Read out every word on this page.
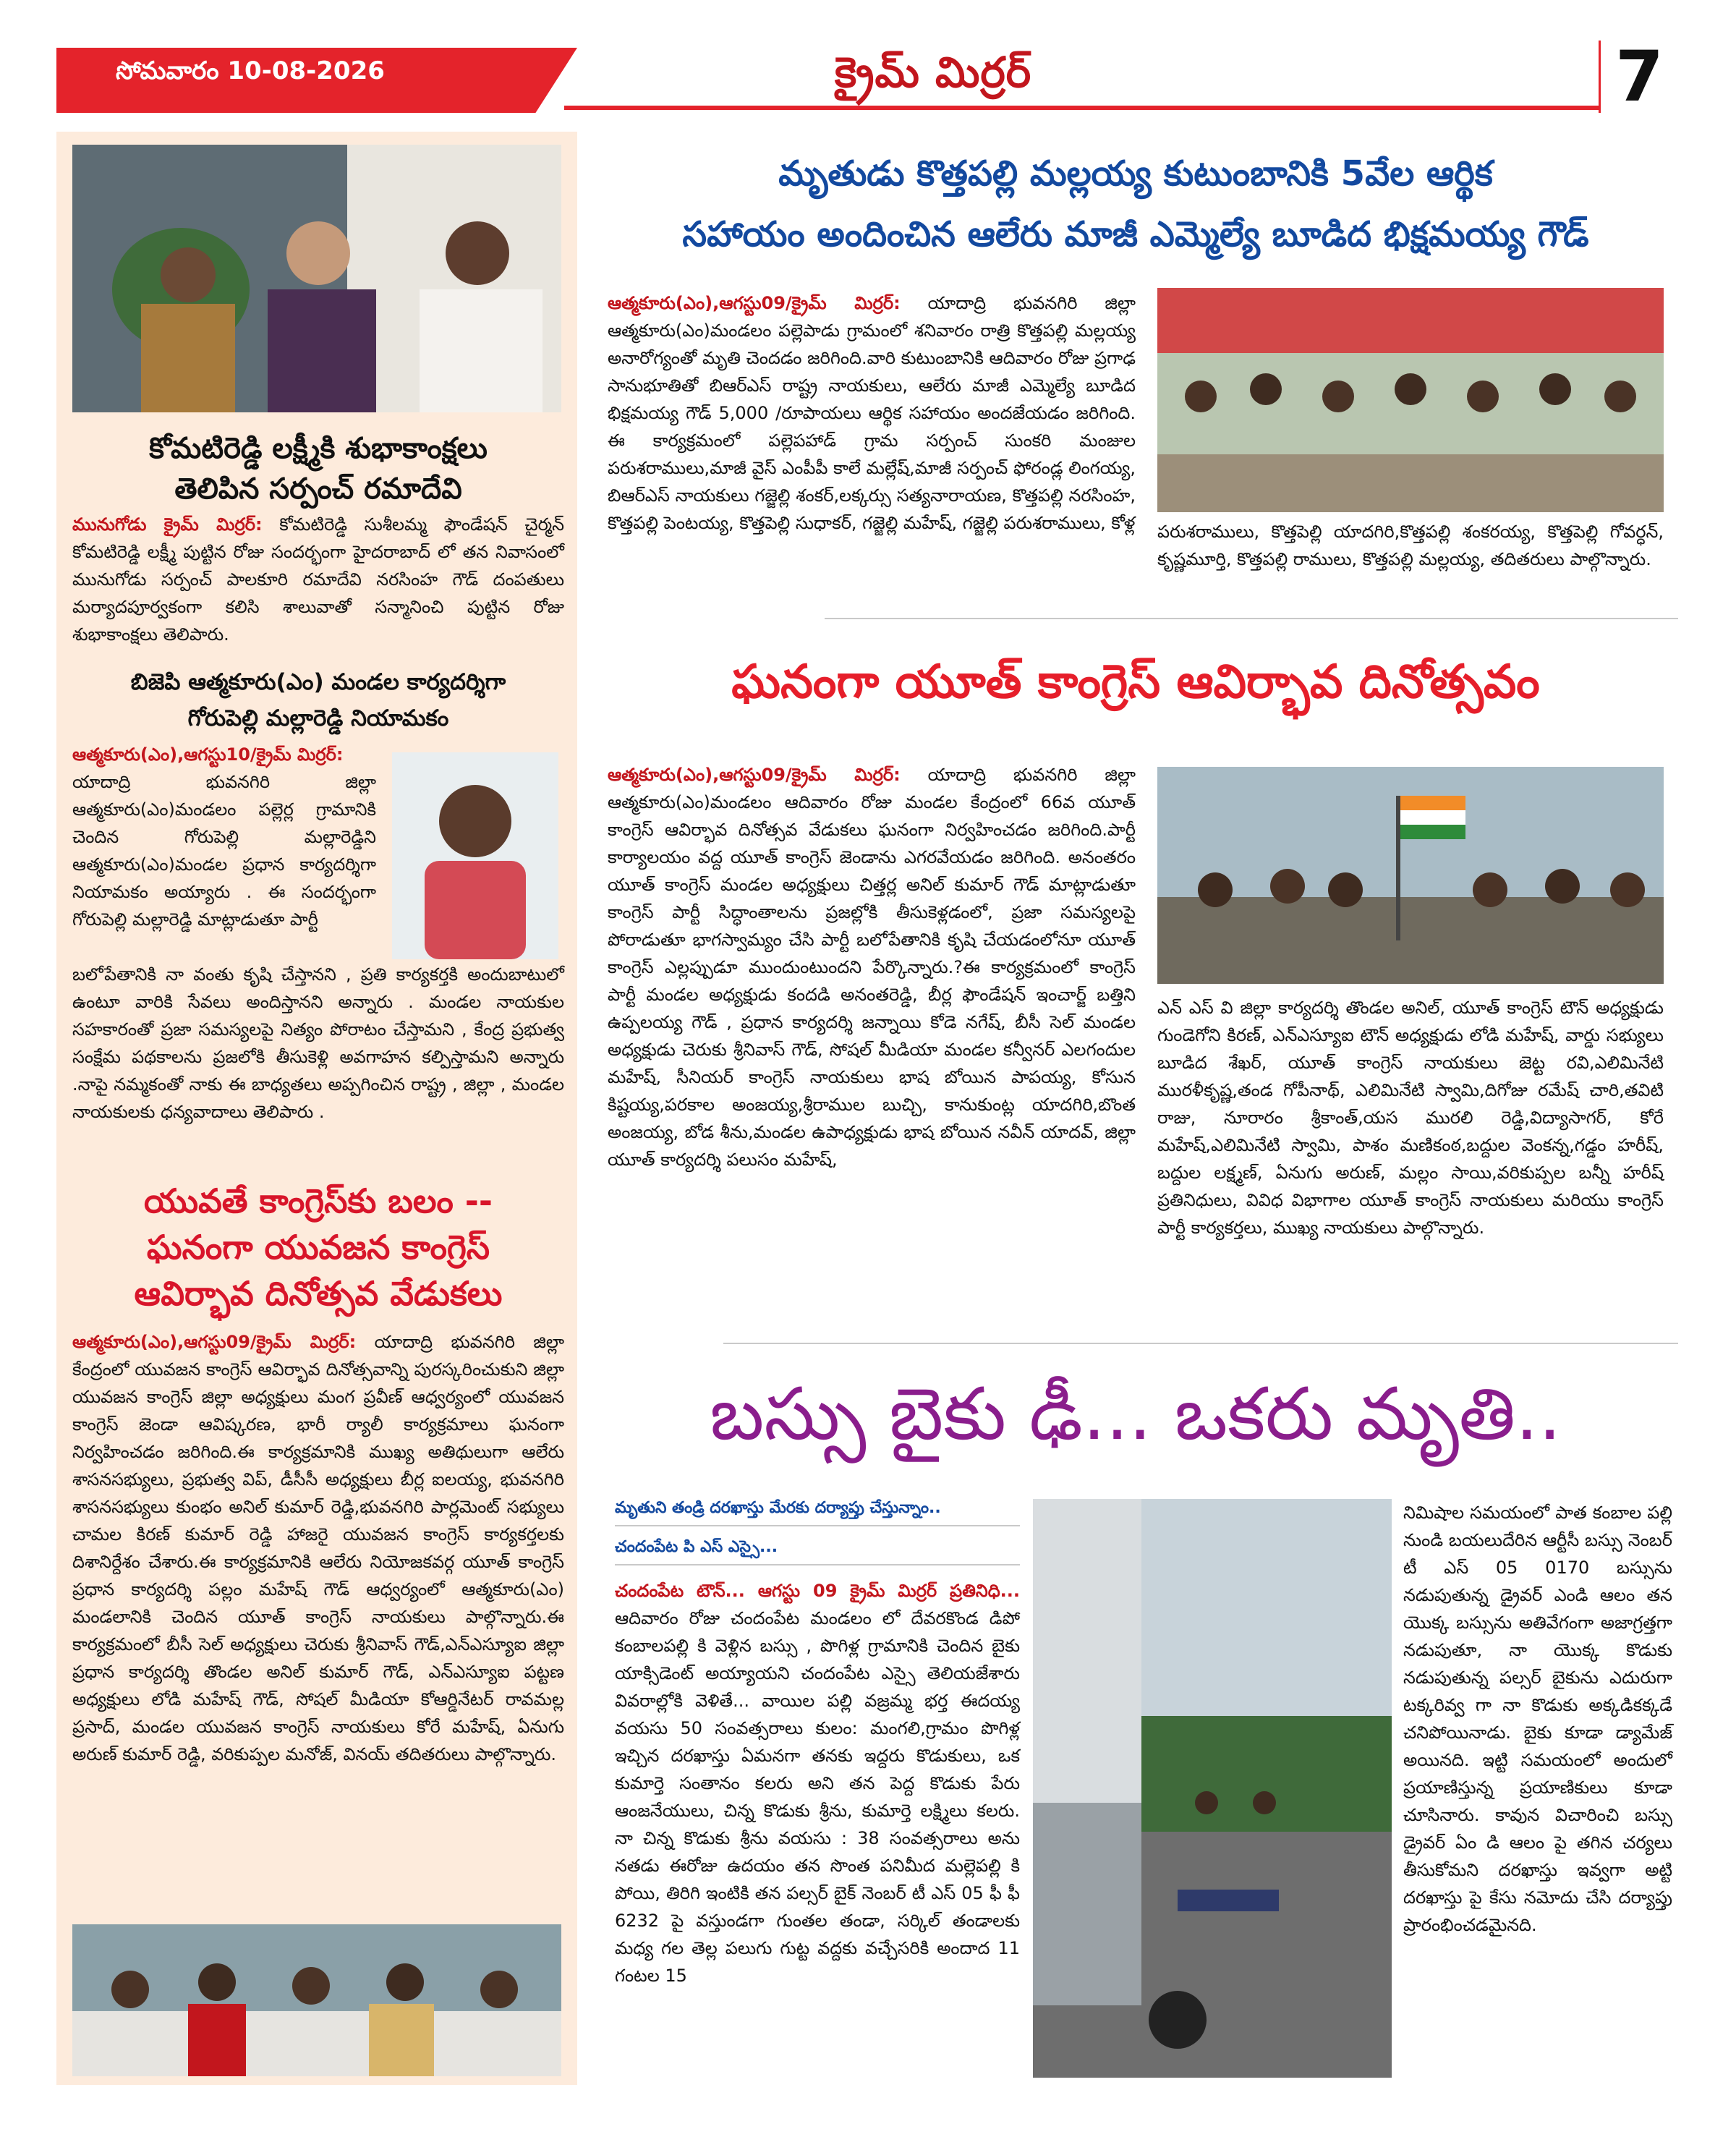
సోమవారం 10-08-2026	క్రైమ్ మిర్రర్	7
కోమటిరెడ్డి లక్ష్మీకి శుభాకాంక్షలు
తెలిపిన సర్పంచ్ రమాదేవి
మునుగోడు క్రైమ్ మిర్రర్: కోమటిరెడ్డి సుశీలమ్మ ఫౌండేషన్ చైర్మన్ కోమటిరెడ్డి లక్ష్మీ పుట్టిన రోజు సందర్భంగా హైదరాబాద్ లో తన నివాసంలో మునుగోడు సర్పంచ్ పాలకూరి రమాదేవి నరసింహ గౌడ్ దంపతులు మర్యాదపూర్వకంగా కలిసి శాలువాతో సన్మానించి పుట్టిన రోజు శుభాకాంక్షలు తెలిపారు.
బిజెపి ఆత్మకూరు(ఎం) మండల కార్యదర్శిగా
గోరుపెల్లి మల్లారెడ్డి నియామకం
ఆత్మకూరు(ఎం),ఆగస్టు10/క్రైమ్ మిర్రర్:
యాదాద్రి భువనగిరి జిల్లా ఆత్మకూరు(ఎం)మండలం పల్లెర్ల గ్రామానికి చెందిన గోరుపెల్లి మల్లారెడ్డిని ఆత్మకూరు(ఎం)మండల ప్రధాన కార్యదర్శిగా నియామకం అయ్యారు . ఈ సందర్భంగా గోరుపెల్లి మల్లారెడ్డి మాట్లాడుతూ పార్టీ
బలోపేతానికి నా వంతు కృషి చేస్తానని , ప్రతి కార్యకర్తకి అందుబాటులో ఉంటూ వారికి సేవలు అందిస్తానని అన్నారు . మండల నాయకుల సహకారంతో ప్రజా సమస్యలపై నిత్యం పోరాటం చేస్తామని , కేంద్ర ప్రభుత్వ సంక్షేమ పథకాలను ప్రజలోకి తీసుకెళ్లి అవగాహన కల్పిస్తామని అన్నారు .నాపై నమ్మకంతో నాకు ఈ బాధ్యతలు అప్పగించిన రాష్ట్ర , జిల్లా , మండల నాయకులకు ధన్యవాదాలు తెలిపారు .
యువతే కాంగ్రెస్‌కు బలం --
ఘనంగా యువజన కాంగ్రెస్
ఆవిర్భావ దినోత్సవ వేడుకలు
ఆత్మకూరు(ఎం),ఆగస్టు09/క్రైమ్ మిర్రర్: యాదాద్రి భువనగిరి జిల్లా కేంద్రంలో యువజన కాంగ్రెస్ ఆవిర్భావ దినోత్సవాన్ని పురస్కరించుకుని జిల్లా యువజన కాంగ్రెస్ జిల్లా అధ్యక్షులు మంగ ప్రవీణ్ ఆధ్వర్యంలో యువజన కాంగ్రెస్ జెండా ఆవిష్కరణ, భారీ ర్యాలీ కార్యక్రమాలు ఘనంగా నిర్వహించడం జరిగింది.ఈ కార్యక్రమానికి ముఖ్య అతిథులుగా ఆలేరు శాసనసభ్యులు, ప్రభుత్వ విప్, డీసీసీ అధ్యక్షులు బీర్ల ఐలయ్య, భువనగిరి శాసనసభ్యులు కుంభం అనిల్ కుమార్ రెడ్డి,భువనగిరి పార్లమెంట్ సభ్యులు చామల కిరణ్ కుమార్ రెడ్డి హాజరై యువజన కాంగ్రెస్ కార్యకర్తలకు దిశానిర్దేశం చేశారు.ఈ కార్యక్రమానికి ఆలేరు నియోజకవర్గ యూత్ కాంగ్రెస్ ప్రధాన కార్యదర్శి పల్లం మహేష్ గౌడ్ ఆధ్వర్యంలో ఆత్మకూరు(ఎం) మండలానికి చెందిన యూత్ కాంగ్రెస్ నాయకులు పాల్గొన్నారు.ఈ కార్యక్రమంలో బీసీ సెల్ అధ్యక్షులు చెరుకు శ్రీనివాస్ గౌడ్,ఎన్ఎస్యూఐ జిల్లా ప్రధాన కార్యదర్శి తొండల అనిల్ కుమార్ గౌడ్, ఎన్ఎస్యూఐ పట్టణ అధ్యక్షులు లోడి మహేష్ గౌడ్, సోషల్ మీడియా కోఆర్డినేటర్ రావమల్ల ప్రసాద్, మండల యువజన కాంగ్రెస్ నాయకులు కోరే మహేష్, ఏనుగు అరుణ్ కుమార్ రెడ్డి, వరికుప్పల మనోజ్, వినయ్ తదితరులు పాల్గొన్నారు.
మృతుడు కొత్తపల్లి మల్లయ్య కుటుంబానికి 5వేల ఆర్థిక
సహాయం అందించిన ఆలేరు మాజీ ఎమ్మెల్యే బూడిద భిక్షమయ్య గౌడ్
ఆత్మకూరు(ఎం),ఆగస్టు09/క్రైమ్ మిర్రర్: యాదాద్రి భువనగిరి జిల్లా ఆత్మకూరు(ఎం)మండలం పల్లెపాడు గ్రామంలో శనివారం రాత్రి కొత్తపల్లి మల్లయ్య అనారోగ్యంతో మృతి చెందడం జరిగింది.వారి కుటుంబానికి ఆదివారం రోజు ప్రగాఢ సానుభూతితో బిఆర్ఎస్ రాష్ట్ర నాయకులు, ఆలేరు మాజీ ఎమ్మెల్యే బూడిద భిక్షమయ్య గౌడ్ 5,000 /రూపాయలు ఆర్థిక సహాయం అందజేయడం జరిగింది. ఈ కార్యక్రమంలో పల్లెపహాడ్ గ్రామ సర్పంచ్ సుంకరి మంజుల పరుశరాములు,మాజీ వైస్ ఎంపీపీ కాలే మల్లేష్,మాజీ సర్పంచ్ ఫోరండ్ల లింగయ్య, బిఆర్ఎస్ నాయకులు గజ్జెల్లి శంకర్,లక్కర్సు సత్యనారాయణ, కొత్తపల్లి నరసింహ, కొత్తపల్లి పెంటయ్య, కొత్తపెల్లి సుధాకర్, గజ్జెల్లి మహేష్, గజ్జెల్లి పరుశరాములు, కోళ్ల పరుశరాములు, కొత్తపెల్లి యాదగిరి,కొత్తపల్లి శంకరయ్య, కొత్తపెల్లి గోవర్ధన్, కృష్ణమూర్తి, కొత్తపల్లి రాములు, కొత్తపల్లి మల్లయ్య, తదితరులు పాల్గొన్నారు.
ఘనంగా యూత్ కాంగ్రెస్ ఆవిర్భావ దినోత్సవం
ఆత్మకూరు(ఎం),ఆగస్టు09/క్రైమ్ మిర్రర్: యాదాద్రి భువనగిరి జిల్లా ఆత్మకూరు(ఎం)మండలం ఆదివారం రోజు మండల కేంద్రంలో 66వ యూత్ కాంగ్రెస్ ఆవిర్భావ దినోత్సవ వేడుకలు ఘనంగా నిర్వహించడం జరిగింది.పార్టీ కార్యాలయం వద్ద యూత్ కాంగ్రెస్ జెండాను ఎగరవేయడం జరిగింది. అనంతరం యూత్ కాంగ్రెస్ మండల అధ్యక్షులు చిత్తర్ల అనిల్ కుమార్ గౌడ్ మాట్లాడుతూ కాంగ్రెస్ పార్టీ సిద్ధాంతాలను ప్రజల్లోకి తీసుకెళ్లడంలో, ప్రజా సమస్యలపై పోరాడుతూ భాగస్వామ్యం చేసి పార్టీ బలోపేతానికి కృషి చేయడంలోనూ యూత్ కాంగ్రెస్ ఎల్లప్పుడూ ముందుంటుందని పేర్కొన్నారు.?ఈ కార్యక్రమంలో కాంగ్రెస్ పార్టీ మండల అధ్యక్షుడు కందడి అనంతరెడ్డి, బీర్ల ఫౌండేషన్ ఇంచార్జ్ బత్తిని ఉప్పలయ్య గౌడ్ , ప్రధాన కార్యదర్శి జన్నాయి కోడె నగేష్, బీసీ సెల్ మండల అధ్యక్షుడు చెరుకు శ్రీనివాస్ గౌడ్, సోషల్ మీడియా మండల కన్వీనర్ ఎలగందుల మహేష్, సీనియర్ కాంగ్రెస్ నాయకులు భాష బోయిన పాపయ్య, కోసున కిష్టయ్య,పరకాల అంజయ్య,శ్రీరాముల బుచ్చి, కానుకుంట్ల యాదగిరి,బొంత అంజయ్య, బోడ శీను,మండల ఉపాధ్యక్షుడు భాష బోయిన నవీన్ యాదవ్, జిల్లా యూత్ కార్యదర్శి పలుసం మహేష్,
ఎన్ ఎస్ వి జిల్లా కార్యదర్శి తొండల అనిల్, యూత్ కాంగ్రెస్ టౌన్ అధ్యక్షుడు గుండెగోని కిరణ్, ఎన్ఎస్యూఐ టౌన్ అధ్యక్షుడు లోడి మహేష్, వార్డు సభ్యులు బూడిద శేఖర్, యూత్ కాంగ్రెస్ నాయకులు జెట్ట రవి,ఎలిమినేటి మురళీకృష్ణ,తండ గోపీనాథ్, ఎలిమినేటి స్వామి,దిగోజు రమేష్ చారి,తవిటి రాజు, నూరారం శ్రీకాంత్,యస మురలి రెడ్డి,విద్యాసాగర్, కోరే మహేష్,ఎలిమినేటి స్వామి, పాశం మణికంఠ,బద్దుల వెంకన్న,గడ్డం హరీష్, బద్దుల లక్ష్మణ్, ఏనుగు అరుణ్, మల్లం సాయి,వరికుప్పల బన్నీ హరీష్ ప్రతినిధులు, వివిధ విభాగాల యూత్ కాంగ్రెస్ నాయకులు మరియు కాంగ్రెస్ పార్టీ కార్యకర్తలు, ముఖ్య నాయకులు పాల్గొన్నారు.
బస్సు బైకు ఢీ... ఒకరు మృతి..
మృతుని తండ్రి దరఖాస్తు మేరకు దర్యాప్తు చేస్తున్నాం..
చందంపేట పి ఎస్ ఎస్సై...
చందంపేట టౌన్... ఆగస్టు 09 క్రైమ్ మిర్రర్ ప్రతినిధి... ఆదివారం రోజు చందంపేట మండలం లో దేవరకొండ డిపో కంబాలపల్లి కి వెళ్లిన బస్సు , పొగిళ్ల గ్రామానికి చెందిన బైకు యాక్సిడెంట్ అయ్యాయని చందంపేట ఎస్సై తెలియజేశారు వివరాల్లోకి వెళితే... వాయిల పల్లి వజ్రమ్మ భర్త ఈదయ్య వయసు 50 సంవత్సరాలు కులం: మంగలి,గ్రామం పొగిళ్ల ఇచ్చిన దరఖాస్తు ఏమనగా తనకు ఇద్దరు కొడుకులు, ఒక కుమార్తె సంతానం కలరు అని తన పెద్ద కొడుకు పేరు ఆంజనేయులు, చిన్న కొడుకు శ్రీను, కుమార్తె లక్ష్మిలు కలరు. నా చిన్న కొడుకు శ్రీను వయసు : 38 సంవత్సరాలు అను నతడు ఈరోజు ఉదయం తన సొంత పనిమీద మల్లెపల్లి కి పోయి, తిరిగి ఇంటికి తన పల్సర్ బైక్ నెంబర్ టీ ఎస్ 05 ఫీ ఫీ 6232 పై వస్తుండగా గుంతల తండా, సర్కిల్ తండాలకు మధ్య గల తెల్ల పలుగు గుట్ట వద్దకు వచ్చేసరికి అందాద 11 గంటల 15
నిమిషాల సమయంలో పాత కంబాల పల్లి నుండి బయలుదేరిన ఆర్టీసీ బస్సు నెంబర్ టీ ఎస్ 05 0170 బస్సును నడుపుతున్న డ్రైవర్ ఎండి ఆలం తన యొక్క బస్సును అతివేగంగా అజాగ్రత్తగా నడుపుతూ, నా యొక్క కొడుకు నడుపుతున్న పల్సర్ బైకును ఎదురుగా టక్కరివ్వ గా నా కొడుకు అక్కడికక్కడే చనిపోయినాడు. బైకు కూడా డ్యామేజ్ అయినది. ఇట్టి సమయంలో అందులో ప్రయాణిస్తున్న ప్రయాణికులు కూడా చూసినారు. కావున విచారించి బస్సు డ్రైవర్ ఏం డి ఆలం పై తగిన చర్యలు తీసుకోమని దరఖాస్తు ఇవ్వగా అట్టి దరఖాస్తు పై కేసు నమోదు చేసి దర్యాప్తు ప్రారంభించడమైనది.
